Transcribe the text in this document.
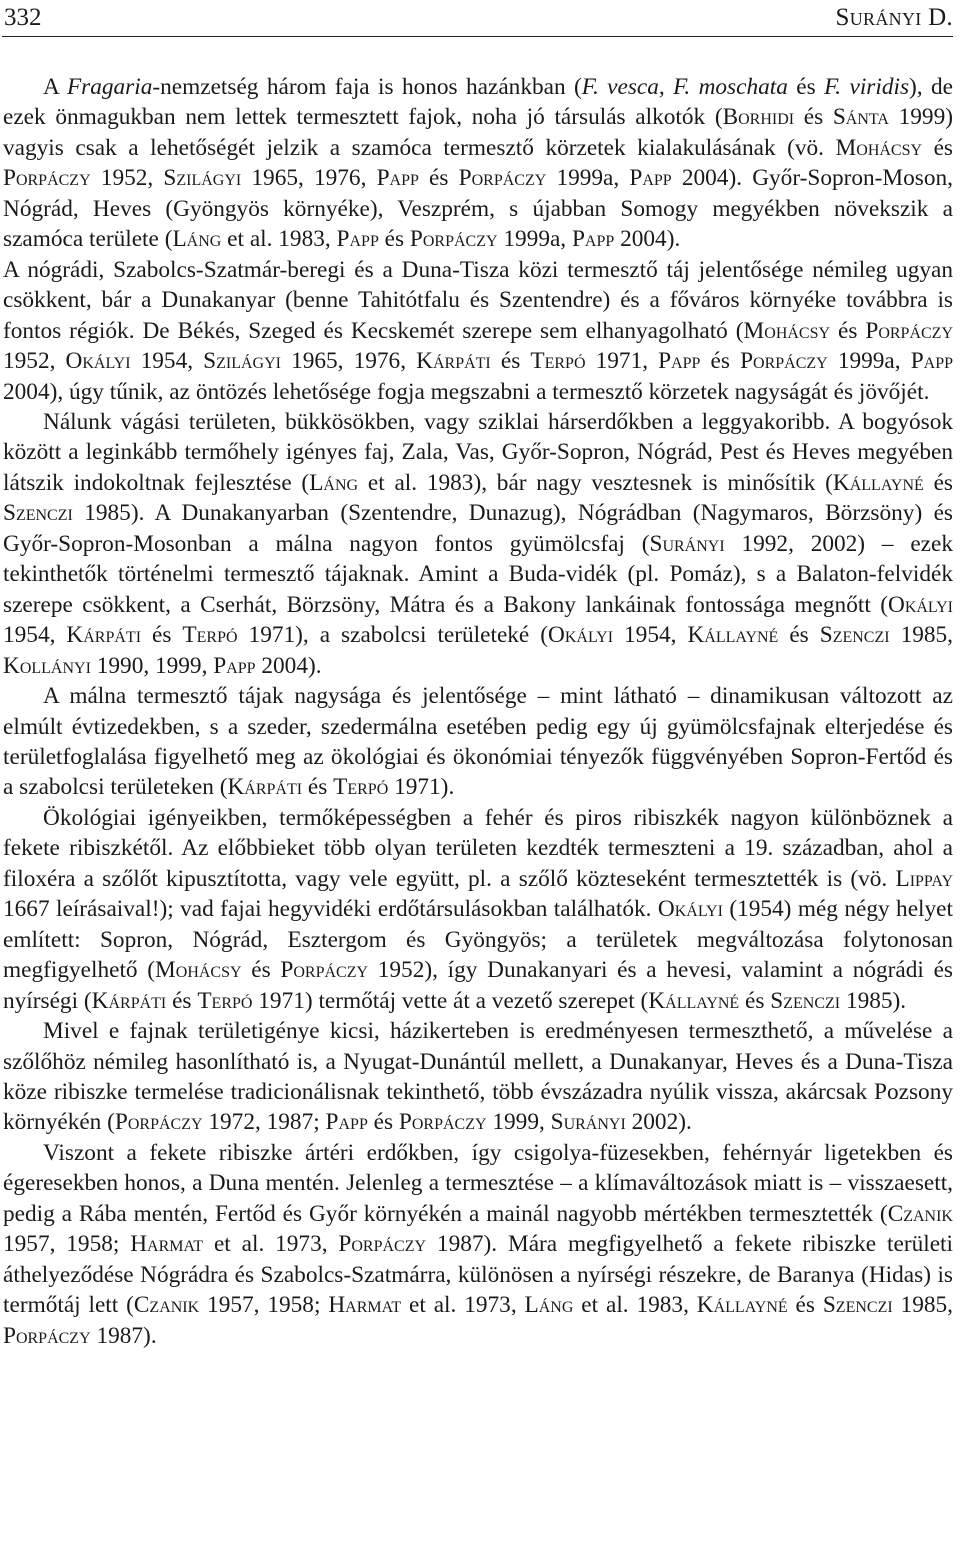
332	Surányi D.

A Fragaria-nemzetség három faja is honos hazánkban (F. vesca, F. moschata és F. viridis), de ezek önmagukban nem lettek termesztett fajok, noha jó társulás alkotók (Borhidi és Sánta 1999) vagyis csak a lehetőségét jelzik a szamóca termesztő körzetek kialakulásának (vö. Mohácsy és Porpáczy 1952, Szilágyi 1965, 1976, Papp és Porpáczy 1999a, Papp 2004). Győr-Sopron-Moson, Nógrád, Heves (Gyöngyös környéke), Veszprém, s újabban Somogy megyékben növekszik a szamóca területe (Láng et al. 1983, Papp és Porpáczy 1999a, Papp 2004).

A nógrádi, Szabolcs-Szatmár-beregi és a Duna-Tisza közi termesztő táj jelentősége némileg ugyan csökkent, bár a Dunakanyar (benne Tahitótfalu és Szentendre) és a főváros környéke továbbra is fontos régiók. De Békés, Szeged és Kecskemét szerepe sem elhanyagolható (Mohácsy és Porpáczy 1952, Okályi 1954, Szilágyi 1965, 1976, Kárpáti és Terpó 1971, Papp és Porpáczy 1999a, Papp 2004), úgy tűnik, az öntözés lehetősége fogja megszabni a termesztő körzetek nagyságát és jövőjét.

Nálunk vágási területen, bükkösökben, vagy sziklai hárserdőkben a leggyakoribb. A bogyósok között a leginkább termőhely igényes faj, Zala, Vas, Győr-Sopron, Nógrád, Pest és Heves megyében látszik indokoltnak fejlesztése (Láng et al. 1983), bár nagy vesztesnek is minősítik (Kállayné és Szenczi 1985). A Dunakanyarban (Szentendre, Dunazug), Nógrádban (Nagymaros, Börzsöny) és Győr-Sopron-Mosonban a málna nagyon fontos gyümölcsfaj (Surányi 1992, 2002) – ezek tekinthetők történelmi termesztő tájaknak. Amint a Buda-vidék (pl. Pomáz), s a Balaton-felvidék szerepe csökkent, a Cserhát, Börzsöny, Mátra és a Bakony lankáinak fontossága megnőtt (Okályi 1954, Kárpáti és Terpó 1971), a szabolcsi területeké (Okályi 1954, Kállayné és Szenczi 1985, Kollányi 1990, 1999, Papp 2004).

A málna termesztő tájak nagysága és jelentősége – mint látható – dinamikusan változott az elmúlt évtizedekben, s a szeder, szedermálna esetében pedig egy új gyümölcsfajnak elterjedése és területfoglalása figyelhető meg az ökológiai és ökonómiai tényezők függvényében Sopron-Fertőd és a szabolcsi területeken (Kárpáti és Terpó 1971).

Ökológiai igényeikben, termőképességben a fehér és piros ribiszkék nagyon különböznek a fekete ribiszkétől. Az előbbieket több olyan területen kezdték termeszteni a 19. században, ahol a filoxéra a szőlőt kipusztította, vagy vele együtt, pl. a szőlő közteseként termesztették is (vö. Lippay 1667 leírásaival!); vad fajai hegyvidéki erdőtársulásokban találhatók. Okályi (1954) még négy helyet említett: Sopron, Nógrád, Esztergom és Gyöngyös; a területek megváltozása folytonosan megfigyelhető (Mohácsy és Porpáczy 1952), így Dunakanyari és a hevesi, valamint a nógrádi és nyírségi (Kárpáti és Terpó 1971) termőtáj vette át a vezető szerepet (Kállayné és Szenczi 1985).

Mivel e fajnak területigénye kicsi, házikerteben is eredményesen termeszthető, a művelése a szőlőhöz némileg hasonlítható is, a Nyugat-Dunántúl mellett, a Dunakanyar, Heves és a Duna-Tisza köze ribiszke termelése tradicionálisnak tekinthető, több évszázadra nyúlik vissza, akárcsak Pozsony környékén (Porpáczy 1972, 1987; Papp és Porpáczy 1999, Surányi 2002).

Viszont a fekete ribiszke ártéri erdőkben, így csigolya-füzesekben, fehérnyár ligetekben és égeresekben honos, a Duna mentén. Jelenleg a termesztése – a klímaváltozások miatt is – visszaesett, pedig a Rába mentén, Fertőd és Győr környékén a mainál nagyobb mértékben termesztették (Czanik 1957, 1958; Harmat et al. 1973, Porpáczy 1987). Mára megfigyelhető a fekete ribiszke területi áthelyeződése Nógrádra és Szabolcs-Szatmárra, különösen a nyírségi részekre, de Baranya (Hidas) is termőtáj lett (Czanik 1957, 1958; Harmat et al. 1973, Láng et al. 1983, Kállayné és Szenczi 1985, Porpáczy 1987).
